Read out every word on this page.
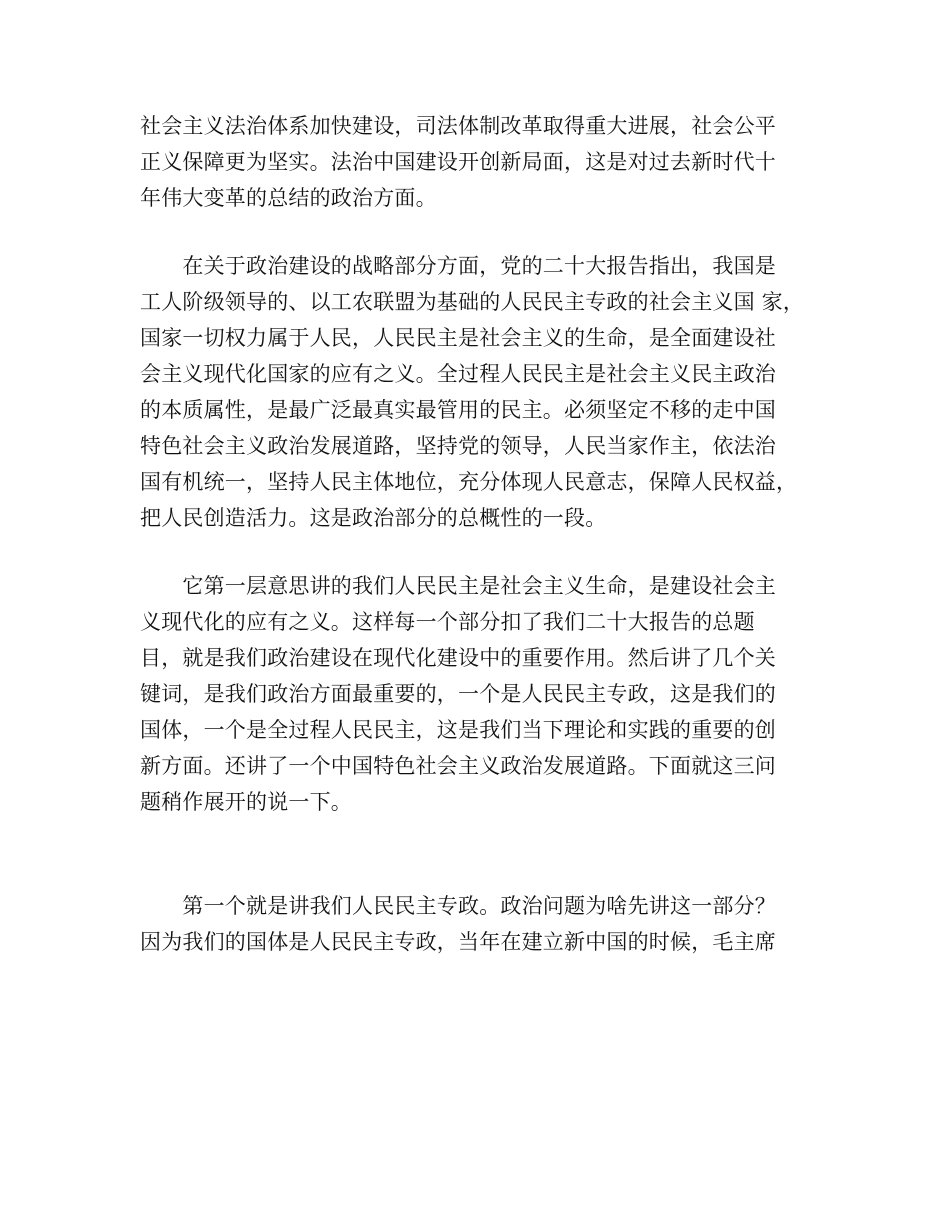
社会主义法治体系加快建设，司法体制改革取得重大进展，社会公平
正义保障更为坚实。法治中国建设开创新局面，这是对过去新时代十
年伟大变革的总结的政治方面。
　　在关于政治建设的战略部分方面，党的二十大报告指出，我国是
工人阶级领导的、以工农联盟为基础的人民民主专政的社会主义国 家，
国家一切权力属于人民，人民民主是社会主义的生命，是全面建设社
会主义现代化国家的应有之义。全过程人民民主是社会主义民主政治
的本质属性，是最广泛最真实最管用的民主。必须坚定不移的走中国
特色社会主义政治发展道路，坚持党的领导，人民当家作主，依法治
国有机统一，坚持人民主体地位，充分体现人民意志，保障人民权益，
把人民创造活力。这是政治部分的总概性的一段。
　　它第一层意思讲的我们人民民主是社会主义生命，是建设社会主
义现代化的应有之义。这样每一个部分扣了我们二十大报告的总题
目，就是我们政治建设在现代化建设中的重要作用。然后讲了几个关
键词，是我们政治方面最重要的，一个是人民民主专政，这是我们的
国体，一个是全过程人民民主，这是我们当下理论和实践的重要的创
新方面。还讲了一个中国特色社会主义政治发展道路。下面就这三问
题稍作展开的说一下。
　　第一个就是讲我们人民民主专政。政治问题为啥先讲这一部分？
因为我们的国体是人民民主专政，当年在建立新中国的时候，毛主席
